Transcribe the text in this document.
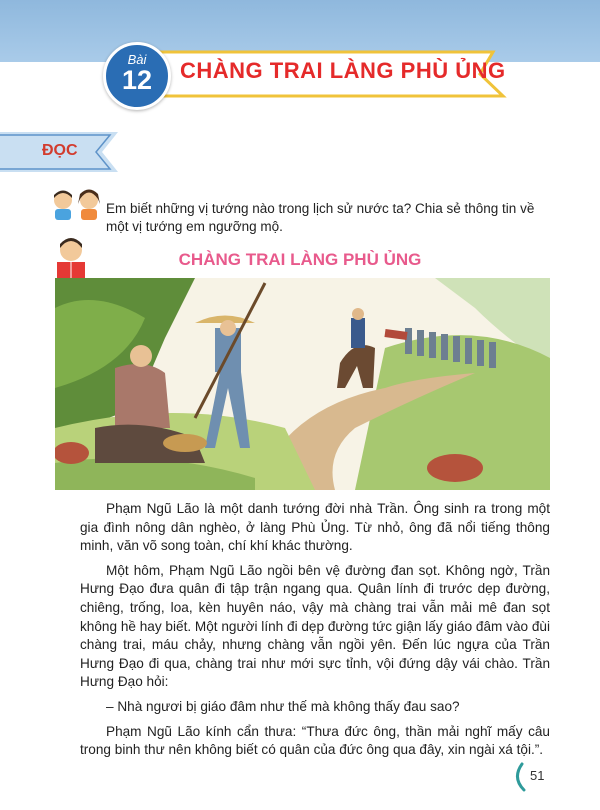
Bài
12	CHÀNG TRAI LÀNG PHÙ ỦNG
ĐỌC
Em biết những vị tướng nào trong lịch sử nước ta? Chia sẻ thông tin về một vị tướng em ngưỡng mộ.
CHÀNG TRAI LÀNG PHÙ ỦNG

Phạm Ngũ Lão là một danh tướng đời nhà Trần. Ông sinh ra trong một gia đình nông dân nghèo, ở làng Phù Ủng. Từ nhỏ, ông đã nổi tiếng thông minh, văn võ song toàn, chí khí khác thường.

Một hôm, Phạm Ngũ Lão ngồi bên vệ đường đan sọt. Không ngờ, Trần Hưng Đạo đưa quân đi tập trận ngang qua. Quân lính đi trước dẹp đường, chiêng, trống, loa, kèn huyên náo, vậy mà chàng trai vẫn mải mê đan sọt không hề hay biết. Một người lính đi dẹp đường tức giận lấy giáo đâm vào đùi chàng trai, máu chảy, nhưng chàng vẫn ngồi yên. Đến lúc ngựa của Trần Hưng Đạo đi qua, chàng trai như mới sực tỉnh, vội đứng dậy vái chào. Trần Hưng Đạo hỏi:

– Nhà ngươi bị giáo đâm như thế mà không thấy đau sao?

Phạm Ngũ Lão kính cẩn thưa: “Thưa đức ông, thần mải nghĩ mấy câu trong binh thư nên không biết có quân của đức ông qua đây, xin ngài xá tội.”.

51
